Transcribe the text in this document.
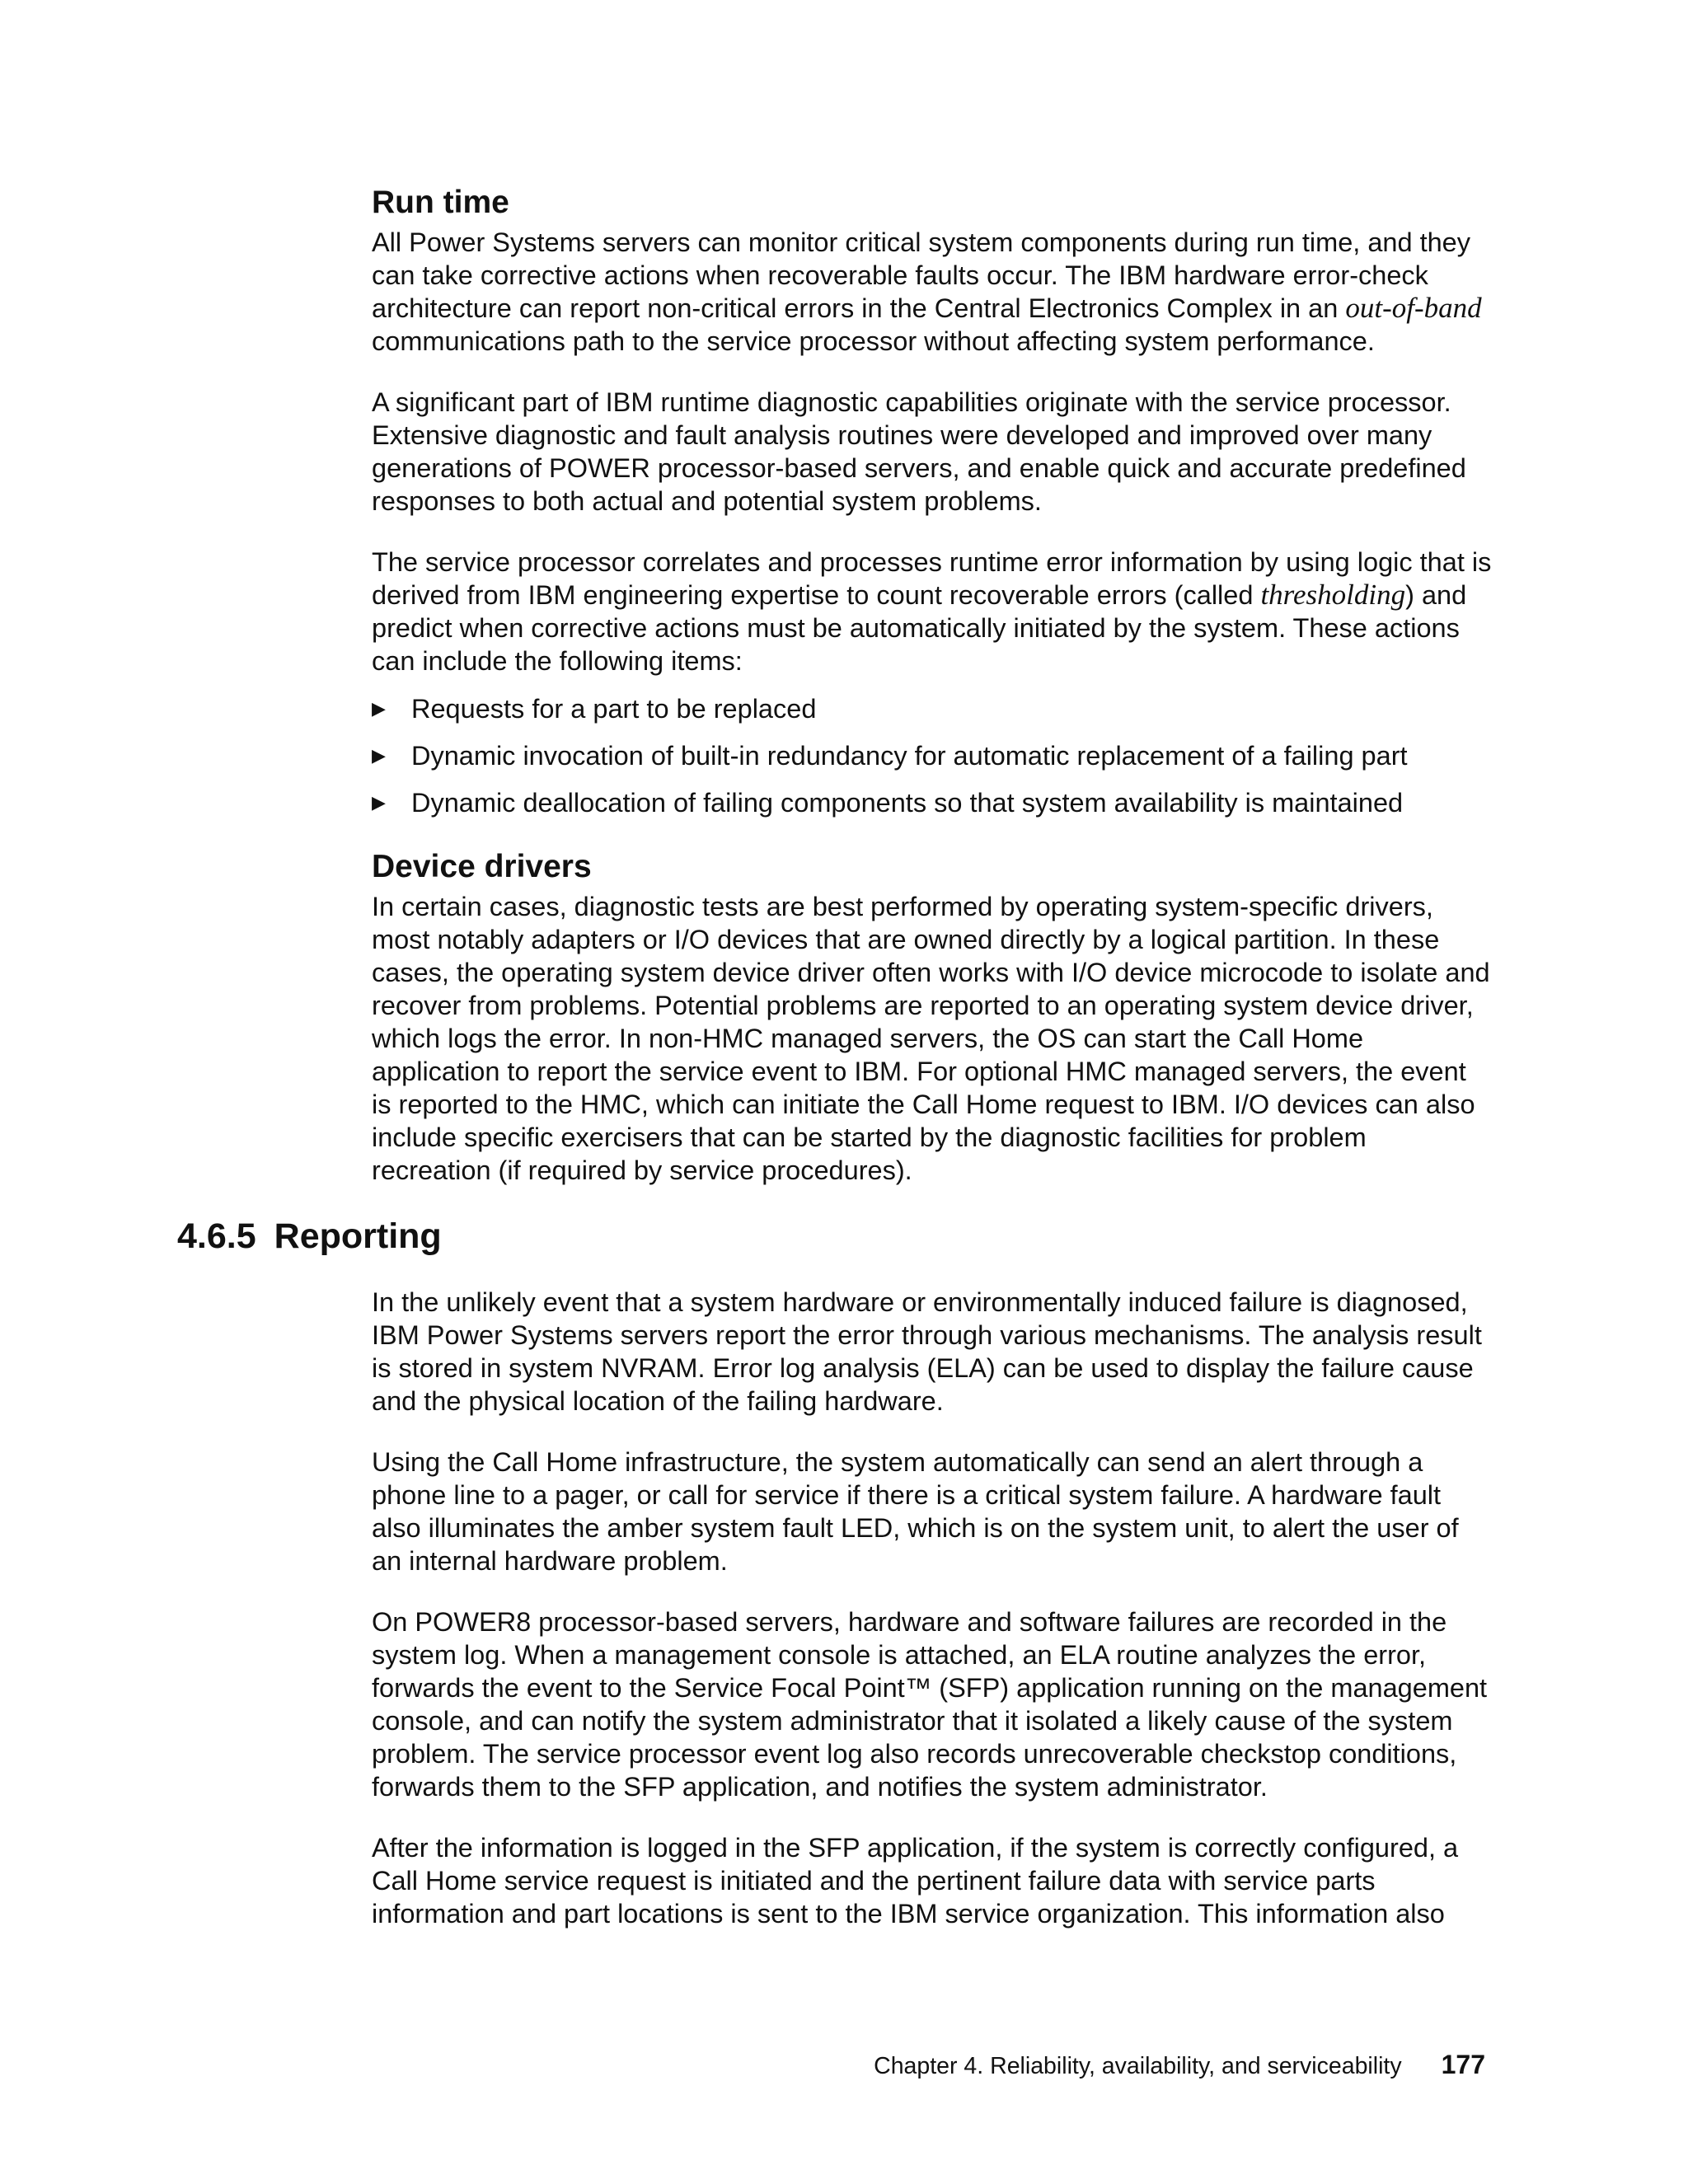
Run time

All Power Systems servers can monitor critical system components during run time, and they can take corrective actions when recoverable faults occur. The IBM hardware error-check architecture can report non-critical errors in the Central Electronics Complex in an out-of-band communications path to the service processor without affecting system performance.

A significant part of IBM runtime diagnostic capabilities originate with the service processor. Extensive diagnostic and fault analysis routines were developed and improved over many generations of POWER processor-based servers, and enable quick and accurate predefined responses to both actual and potential system problems.

The service processor correlates and processes runtime error information by using logic that is derived from IBM engineering expertise to count recoverable errors (called thresholding) and predict when corrective actions must be automatically initiated by the system. These actions can include the following items:

▶ Requests for a part to be replaced
▶ Dynamic invocation of built-in redundancy for automatic replacement of a failing part
▶ Dynamic deallocation of failing components so that system availability is maintained
Device drivers

In certain cases, diagnostic tests are best performed by operating system-specific drivers, most notably adapters or I/O devices that are owned directly by a logical partition. In these cases, the operating system device driver often works with I/O device microcode to isolate and recover from problems. Potential problems are reported to an operating system device driver, which logs the error. In non-HMC managed servers, the OS can start the Call Home application to report the service event to IBM. For optional HMC managed servers, the event is reported to the HMC, which can initiate the Call Home request to IBM. I/O devices can also include specific exercisers that can be started by the diagnostic facilities for problem recreation (if required by service procedures).

4.6.5 Reporting

In the unlikely event that a system hardware or environmentally induced failure is diagnosed, IBM Power Systems servers report the error through various mechanisms. The analysis result is stored in system NVRAM. Error log analysis (ELA) can be used to display the failure cause and the physical location of the failing hardware.

Using the Call Home infrastructure, the system automatically can send an alert through a phone line to a pager, or call for service if there is a critical system failure. A hardware fault also illuminates the amber system fault LED, which is on the system unit, to alert the user of an internal hardware problem.

On POWER8 processor-based servers, hardware and software failures are recorded in the system log. When a management console is attached, an ELA routine analyzes the error, forwards the event to the Service Focal Point™ (SFP) application running on the management console, and can notify the system administrator that it isolated a likely cause of the system problem. The service processor event log also records unrecoverable checkstop conditions, forwards them to the SFP application, and notifies the system administrator.

After the information is logged in the SFP application, if the system is correctly configured, a Call Home service request is initiated and the pertinent failure data with service parts information and part locations is sent to the IBM service organization. This information also

Chapter 4. Reliability, availability, and serviceability 177
